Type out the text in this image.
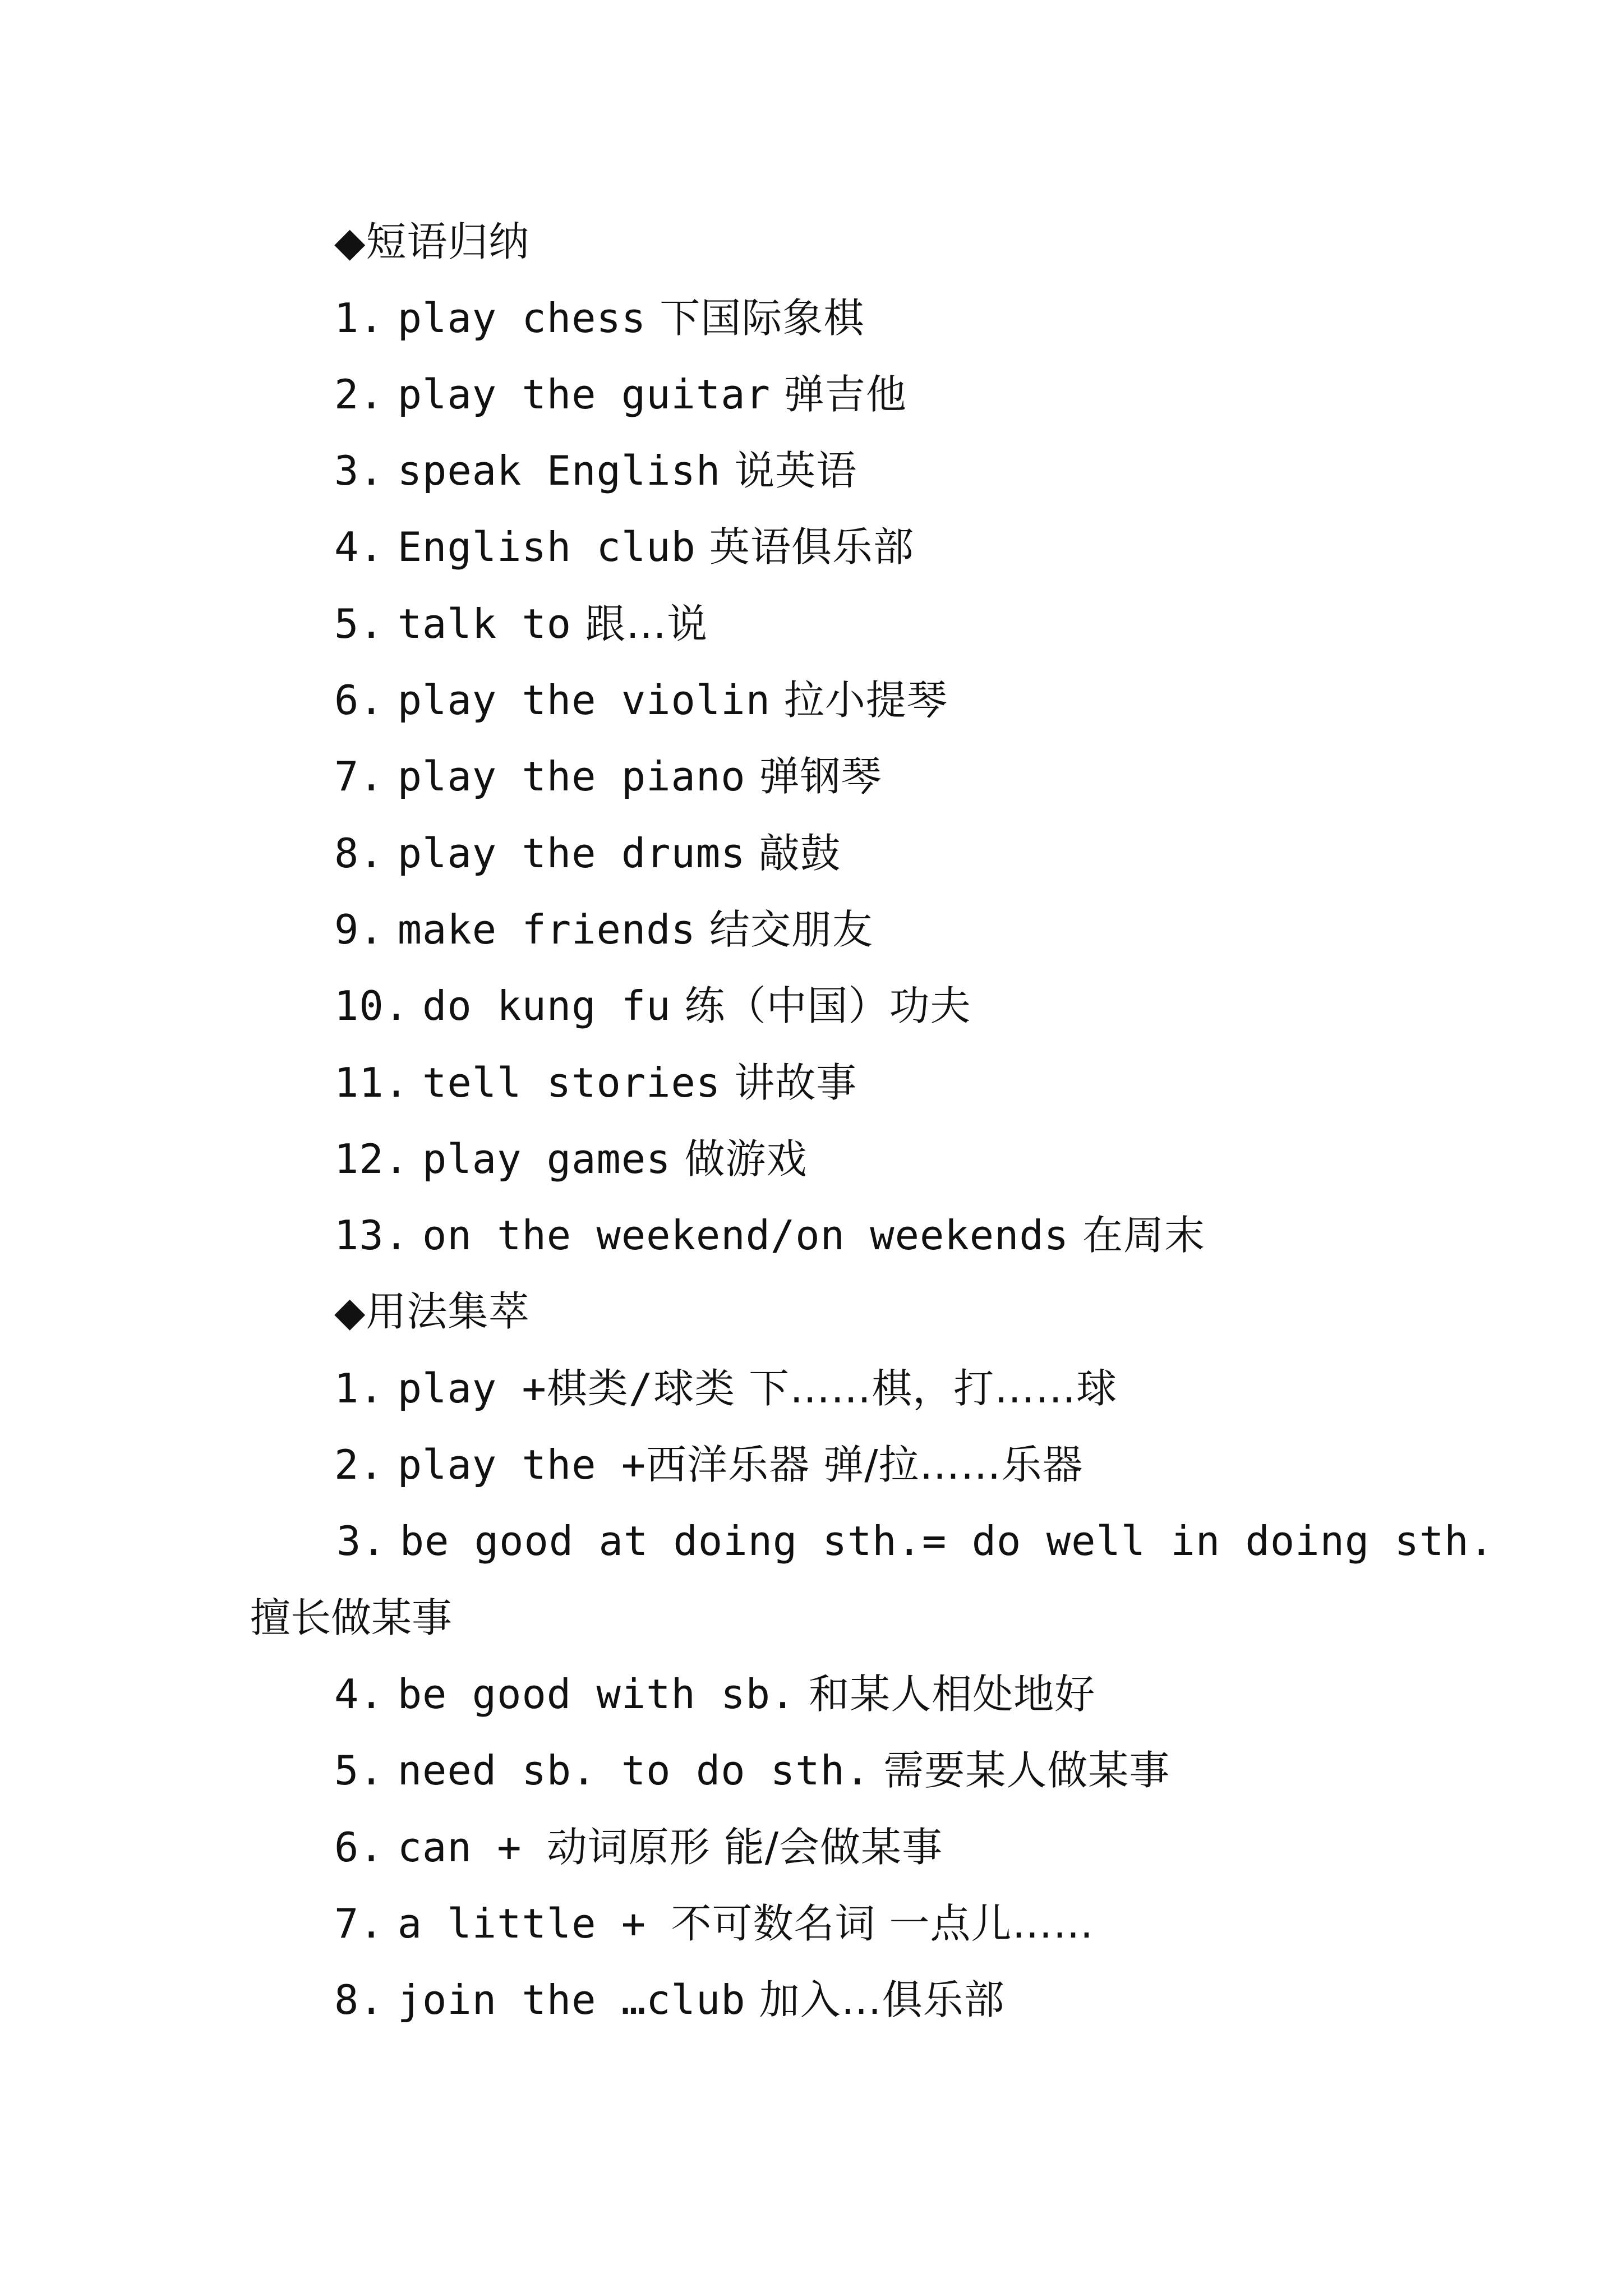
◆短语归纳
1. play chess 下国际象棋
2. play the guitar 弹吉他
3. speak English 说英语
4. English club 英语俱乐部
5. talk to 跟…说
6. play the violin 拉小提琴
7. play the piano 弹钢琴
8. play the drums 敲鼓
9. make friends 结交朋友
10. do kung fu 练（中国）功夫
11. tell stories 讲故事
12. play games 做游戏
13. on the weekend/on weekends 在周末
◆用法集萃
1. play +棋类/球类 下……棋，打……球
2. play the +西洋乐器 弹/拉……乐器
3. be good at doing sth.= do well in doing sth.
擅长做某事
4. be good with sb. 和某人相处地好
5. need sb. to do sth. 需要某人做某事
6. can + 动词原形 能/会做某事
7. a little + 不可数名词 一点儿……
8. join the …club 加入…俱乐部
